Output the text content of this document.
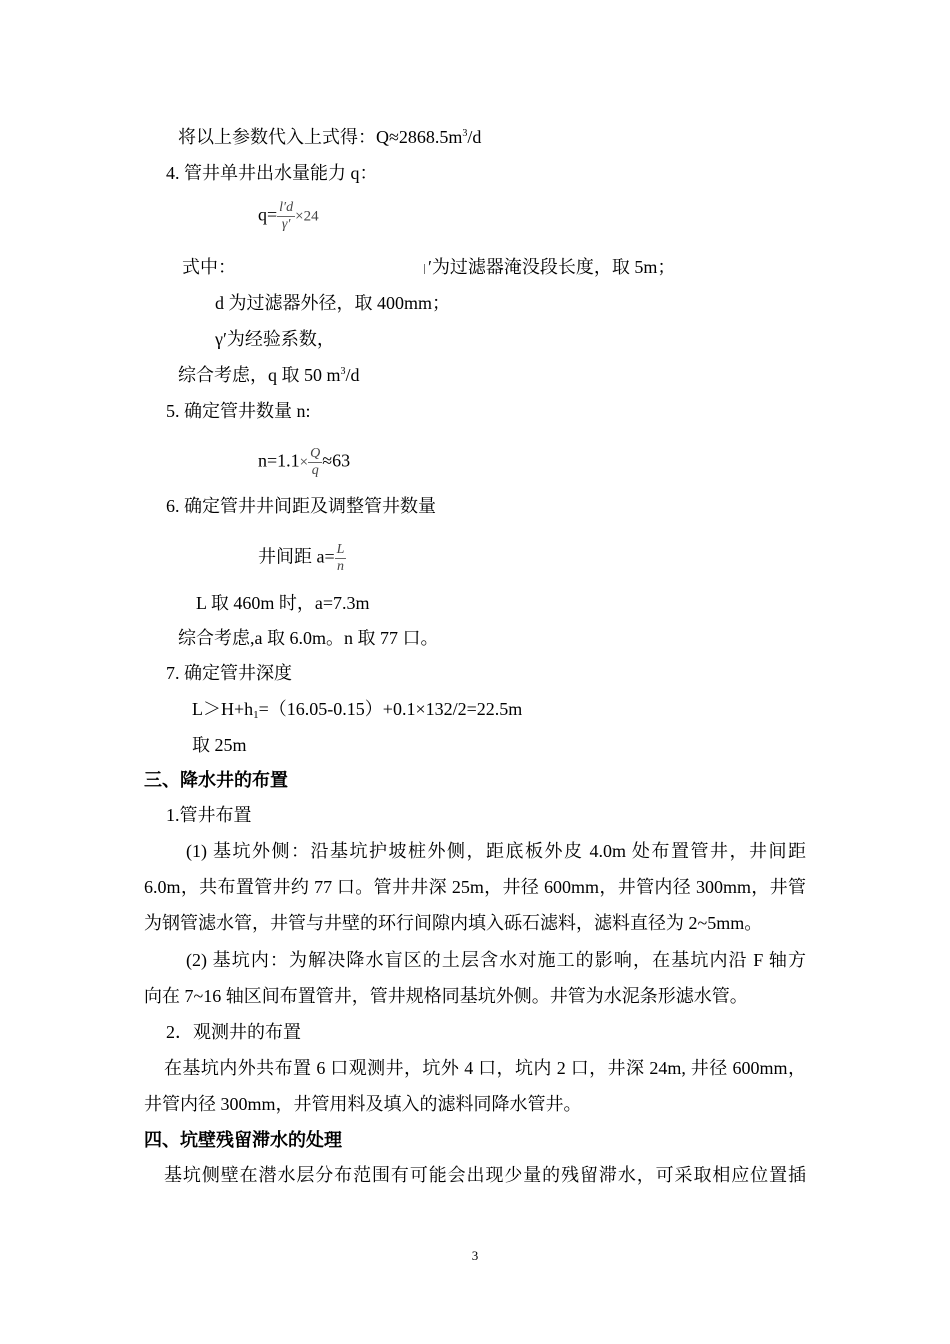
将以上参数代入上式得：$Q\approx 2868.5m^3/d$
4. 管井单井出水量能力 q：
$q= \frac{l'd}{\gamma'} \times 24$
式中：	′为过滤器淹没段长度，取 5m；
d 为过滤器外径，取 400mm；
γ′为经验系数，
综合考虑，q 取 50 $m^3/d$
5. 确定管井数量 n:
$n=1.1\times \frac{Q}{q} \approx 63$
6. 确定管井井间距及调整管井数量
井间距 $a= \frac{L}{n}$
L 取 460m 时，a=7.3m
综合考虑,a 取 6.0m。n 取 77 口。
7. 确定管井深度
$L>H+h_1=(16.05-0.15)+0.1\times 132/2=22.5m$
取 25m
三、降水井的布置
1.管井布置
(1) 基坑外侧：沿基坑护坡桩外侧，距底板外皮 4.0m 处布置管井，井间距
6.0m，共布置管井约 77 口。管井井深 25m，井径 600mm，井管内径 300mm，井管
为钢管滤水管，井管与井壁的环行间隙内填入砾石滤料，滤料直径为 2~5mm。
(2) 基坑内：为解决降水盲区的土层含水对施工的影响，在基坑内沿 F 轴方
向在 7~16 轴区间布置管井，管井规格同基坑外侧。井管为水泥条形滤水管。
2．观测井的布置
在基坑内外共布置 6 口观测井，坑外 4 口，坑内 2 口，井深 24m, 井径 600mm，
井管内径 300mm，井管用料及填入的滤料同降水管井。
四、坑壁残留滞水的处理
基坑侧壁在潜水层分布范围有可能会出现少量的残留滞水，可采取相应位置插
3
